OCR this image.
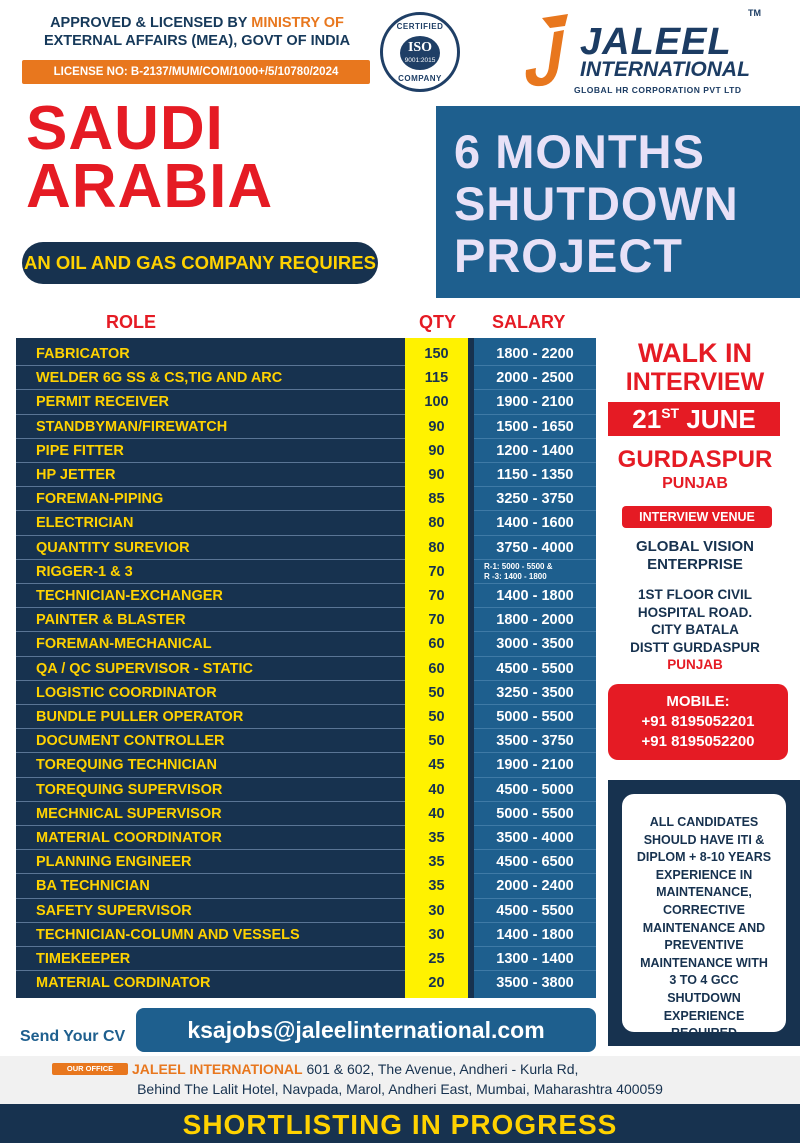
APPROVED & LICENSED BY MINISTRY OF
EXTERNAL AFFAIRS (MEA), GOVT OF INDIA
LICENSE NO: B-2137/MUM/COM/1000+/5/10780/2024
CERTIFIED
ISO
9001:2015
COMPANY
JALEEL
TM
INTERNATIONAL
GLOBAL HR CORPORATION PVT LTD
SAUDI
ARABIA
AN OIL AND GAS COMPANY REQUIRES
6 MONTHS
SHUTDOWN
PROJECT
ROLE	QTY SALARY
FABRICATOR	150	1800 - 2200
WELDER 6G SS & CS,TIG AND ARC	115	2000 - 2500
PERMIT RECEIVER	100	1900 - 2100
STANDBYMAN/FIREWATCH	90	1500 - 1650
PIPE FITTER	90	1200 - 1400
HP JETTER	90	1150 - 1350
FOREMAN-PIPING	85	3250 - 3750
ELECTRICIAN	80	1400 - 1600
QUANTITY SUREVIOR	80	3750 - 4000
RIGGER-1 & 3	70	R-1: 5000 - 5500 &
R -3: 1400 - 1800
TECHNICIAN-EXCHANGER	70	1400 - 1800
PAINTER & BLASTER	70	1800 - 2000
FOREMAN-MECHANICAL	60	3000 - 3500
QA / QC SUPERVISOR - STATIC	60	4500 - 5500
LOGISTIC COORDINATOR	50	3250 - 3500
BUNDLE PULLER OPERATOR	50	5000 - 5500
DOCUMENT CONTROLLER	50	3500 - 3750
TOREQUING TECHNICIAN	45	1900 - 2100
TOREQUING SUPERVISOR	40	4500 - 5000
MECHNICAL SUPERVISOR	40	5000 - 5500
MATERIAL COORDINATOR	35	3500 - 4000
PLANNING ENGINEER	35	4500 - 6500
BA TECHNICIAN	35	2000 - 2400
SAFETY SUPERVISOR	30	4500 - 5500
TECHNICIAN-COLUMN AND VESSELS	30	1400 - 1800
TIMEKEEPER	25	1300 - 1400
MATERIAL CORDINATOR	20	3500 - 3800
WALK IN
INTERVIEW
21ST JUNE
GURDASPUR
PUNJAB
INTERVIEW VENUE
GLOBAL VISION
ENTERPRISE
1ST FLOOR CIVIL
HOSPITAL ROAD.
CITY BATALA
DISTT GURDASPUR
PUNJAB
MOBILE:
+91 8195052201
+91 8195052200
ALL CANDIDATES
SHOULD HAVE ITI &
DIPLOM + 8-10 YEARS
EXPERIENCE IN
MAINTENANCE,
CORRECTIVE
MAINTENANCE AND
PREVENTIVE
MAINTENANCE WITH
3 TO 4 GCC
SHUTDOWN
EXPERIENCE
REQUIRED
Send Your CV	ksajobs@jaleelinternational.com
OUR OFFICE	JALEEL INTERNATIONAL 601 & 602, The Avenue, Andheri - Kurla Rd,
Behind The Lalit Hotel, Navpada, Marol, Andheri East, Mumbai, Maharashtra 400059
SHORTLISTING IN PROGRESS
